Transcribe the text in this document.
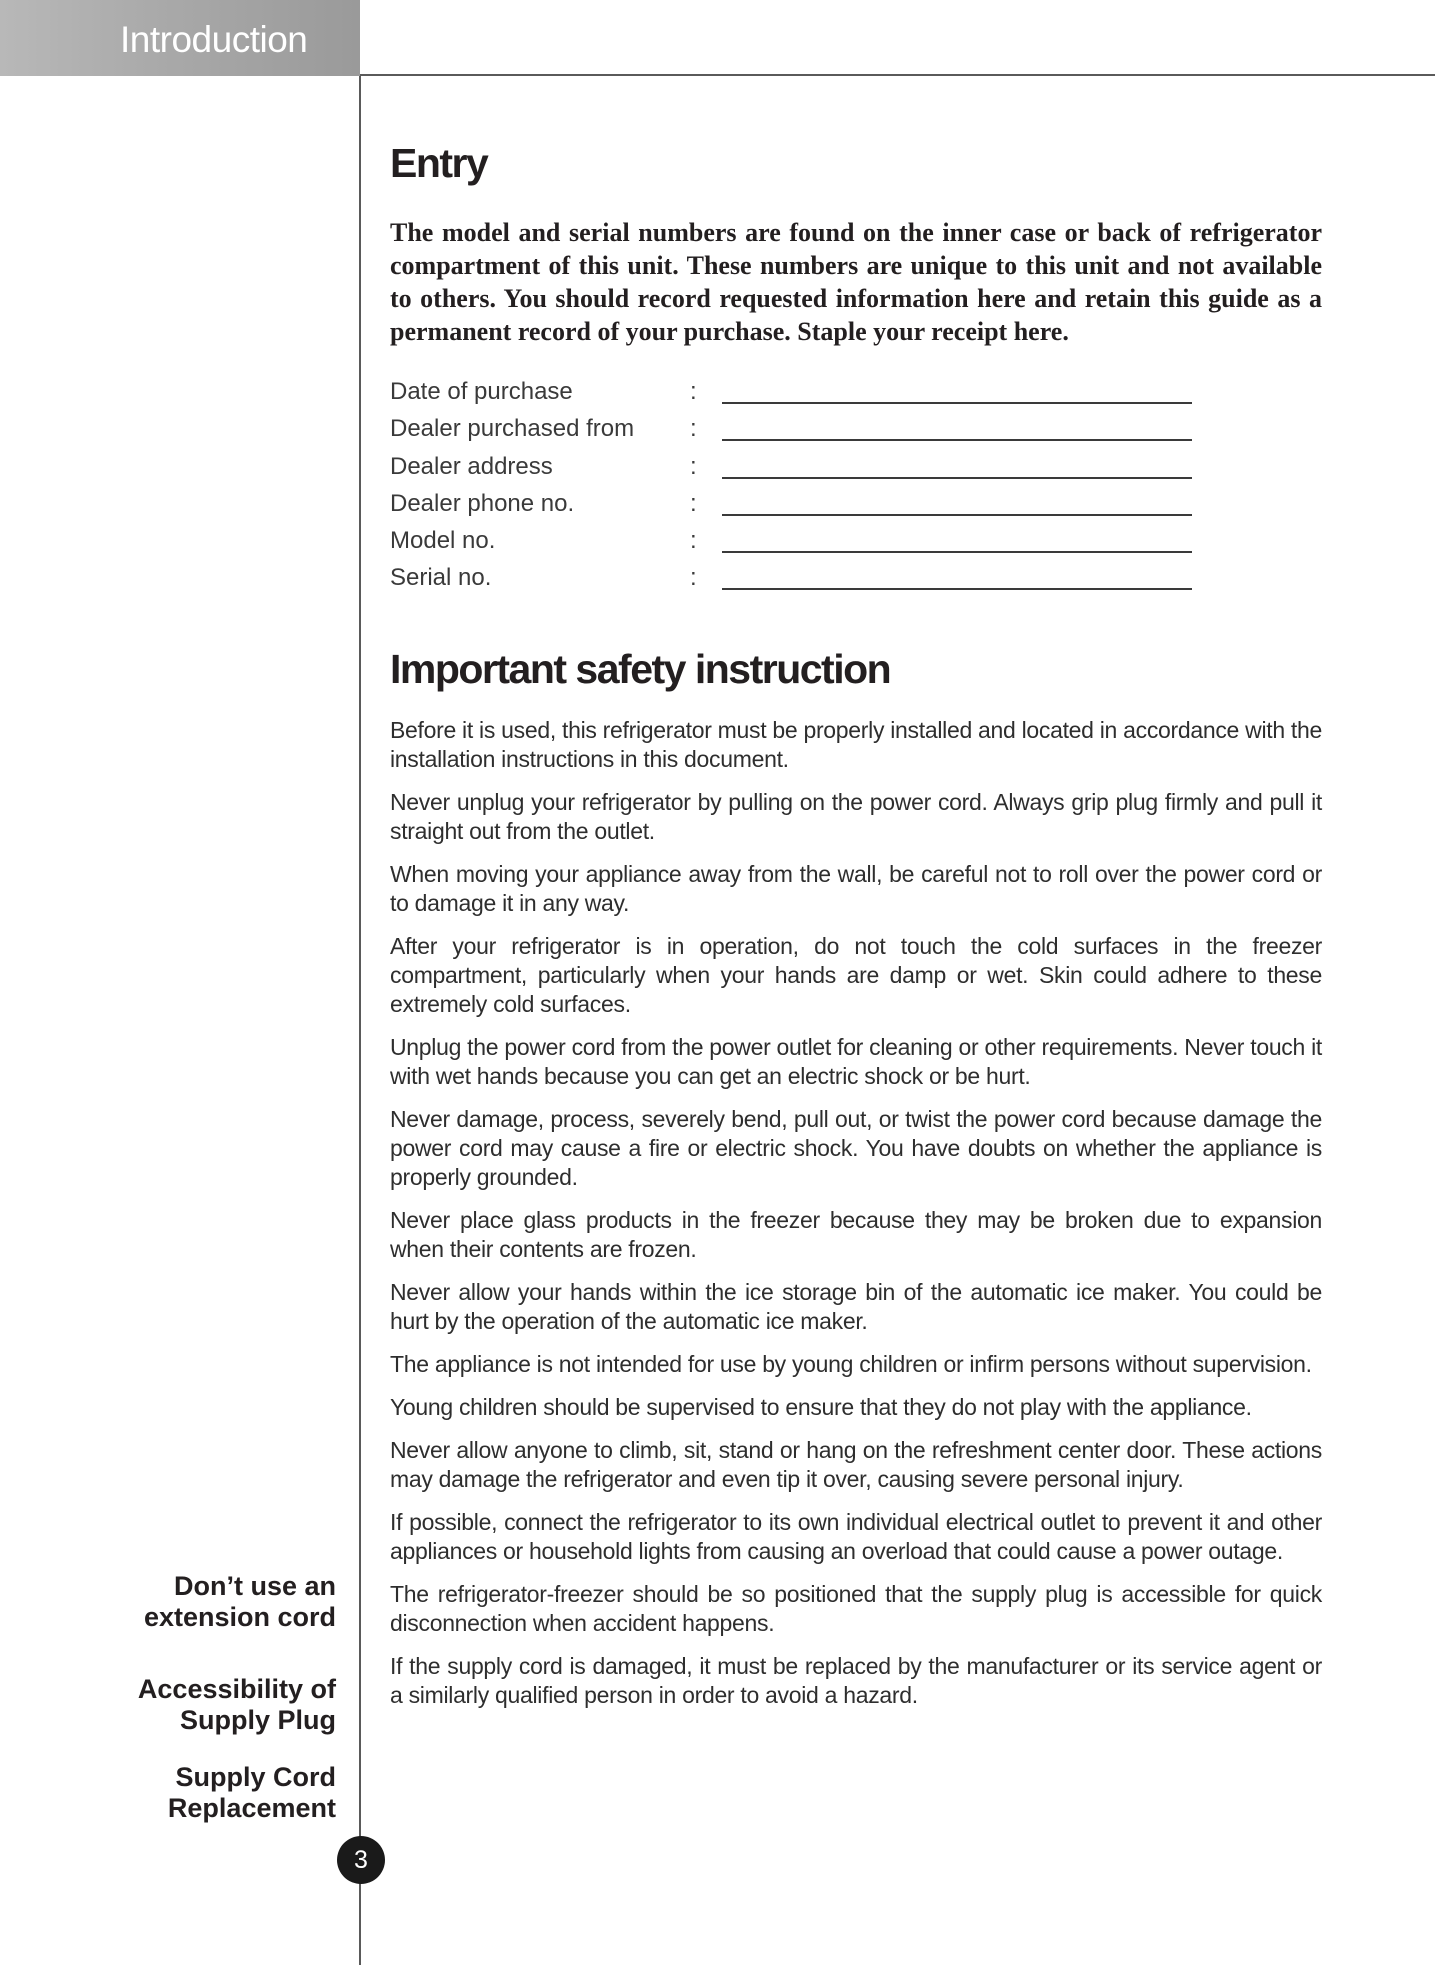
Introduction
Entry
The model and serial numbers are found on the inner case or back of refrigerator compartment of this unit. These numbers are unique to this unit and not available to others. You should record requested information here and retain this guide as a permanent record of your purchase. Staple your receipt here.
Date of purchase	:
Dealer purchased from :
Dealer address	:
Dealer phone no.	:
Model no.	:
Serial no.	:
Important safety instruction

Before it is used, this refrigerator must be properly installed and located in accordance with the installation instructions in this document.

Never unplug your refrigerator by pulling on the power cord. Always grip plug firmly and pull it straight out from the outlet.

When moving your appliance away from the wall, be careful not to roll over the power cord or to damage it in any way.

After your refrigerator is in operation, do not touch the cold surfaces in the freezer compartment, particularly when your hands are damp or wet. Skin could adhere to these extremely cold surfaces.

Unplug the power cord from the power outlet for cleaning or other requirements. Never touch it with wet hands because you can get an electric shock or be hurt.

Never damage, process, severely bend, pull out, or twist the power cord because damage the power cord may cause a fire or electric shock. You have doubts on whether the appliance is properly grounded.

Never place glass products in the freezer because they may be broken due to expansion when their contents are frozen.

Never allow your hands within the ice storage bin of the automatic ice maker. You could be hurt by the operation of the automatic ice maker.

The appliance is not intended for use by young children or infirm persons without supervision.

Young children should be supervised to ensure that they do not play with the appliance.

Never allow anyone to climb, sit, stand or hang on the refreshment center door. These actions may damage the refrigerator and even tip it over, causing severe personal injury.

If possible, connect the refrigerator to its own individual electrical outlet to prevent it and other appliances or household lights from causing an overload that could cause a power outage.

The refrigerator-freezer should be so positioned that the supply plug is accessible for quick disconnection when accident happens.

If the supply cord is damaged, it must be replaced by the manufacturer or its service agent or a similarly qualified person in order to avoid a hazard.

Don’t use an
extension cord
Accessibility of
Supply Plug
Supply Cord
Replacement
3
